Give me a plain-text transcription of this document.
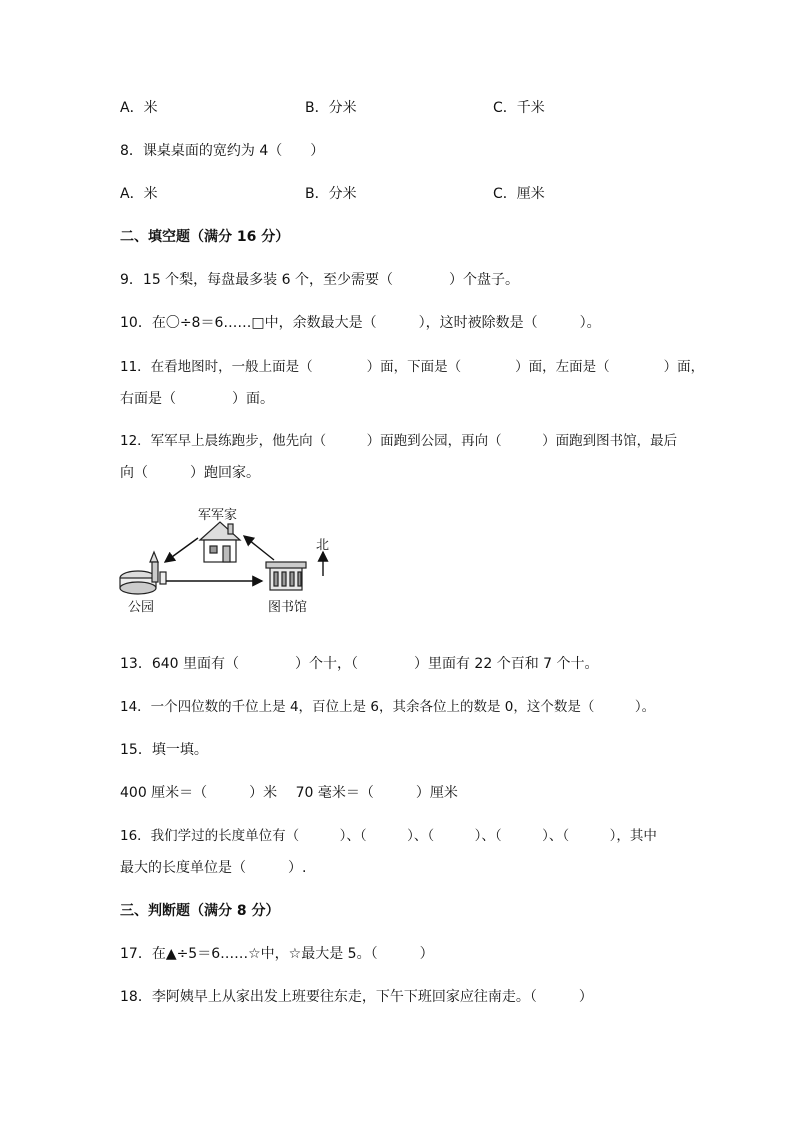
A．米	B．分米	C．千米
8．课桌桌面的宽约为 4（　　）
A．米	B．分米	C．厘米
二、填空题（满分 16 分）
9．15 个梨，每盘最多装 6 个，至少需要（　　　　）个盘子。
10．在〇÷8＝6……□中，余数最大是（　　　），这时被除数是（　　　）。
11．在看地图时，一般上面是（　　　　）面，下面是（　　　　）面，左面是（　　　　）面，
右面是（　　　　）面。
12．军军早上晨练跑步，他先向（　　　）面跑到公园，再向（　　　）面跑到图书馆，最后
向（　　　）跑回家。
军军家
公园	图书馆
北
13．640 里面有（　　　　）个十，（　　　　）里面有 22 个百和 7 个十。
14．一个四位数的千位上是 4，百位上是 6，其余各位上的数是 0，这个数是（　　　）。
15．填一填。
400 厘米＝（　　　）米　 70 毫米＝（　　　）厘米
16．我们学过的长度单位有（　　　）、（　　　）、（　　　）、（　　　）、（　　　），其中
最大的长度单位是（　　　）.
三、判断题（满分 8 分）
17．在▲÷5＝6……☆中，☆最大是 5。（　　　）
18．李阿姨早上从家出发上班要往东走，下午下班回家应往南走。（　　　）
